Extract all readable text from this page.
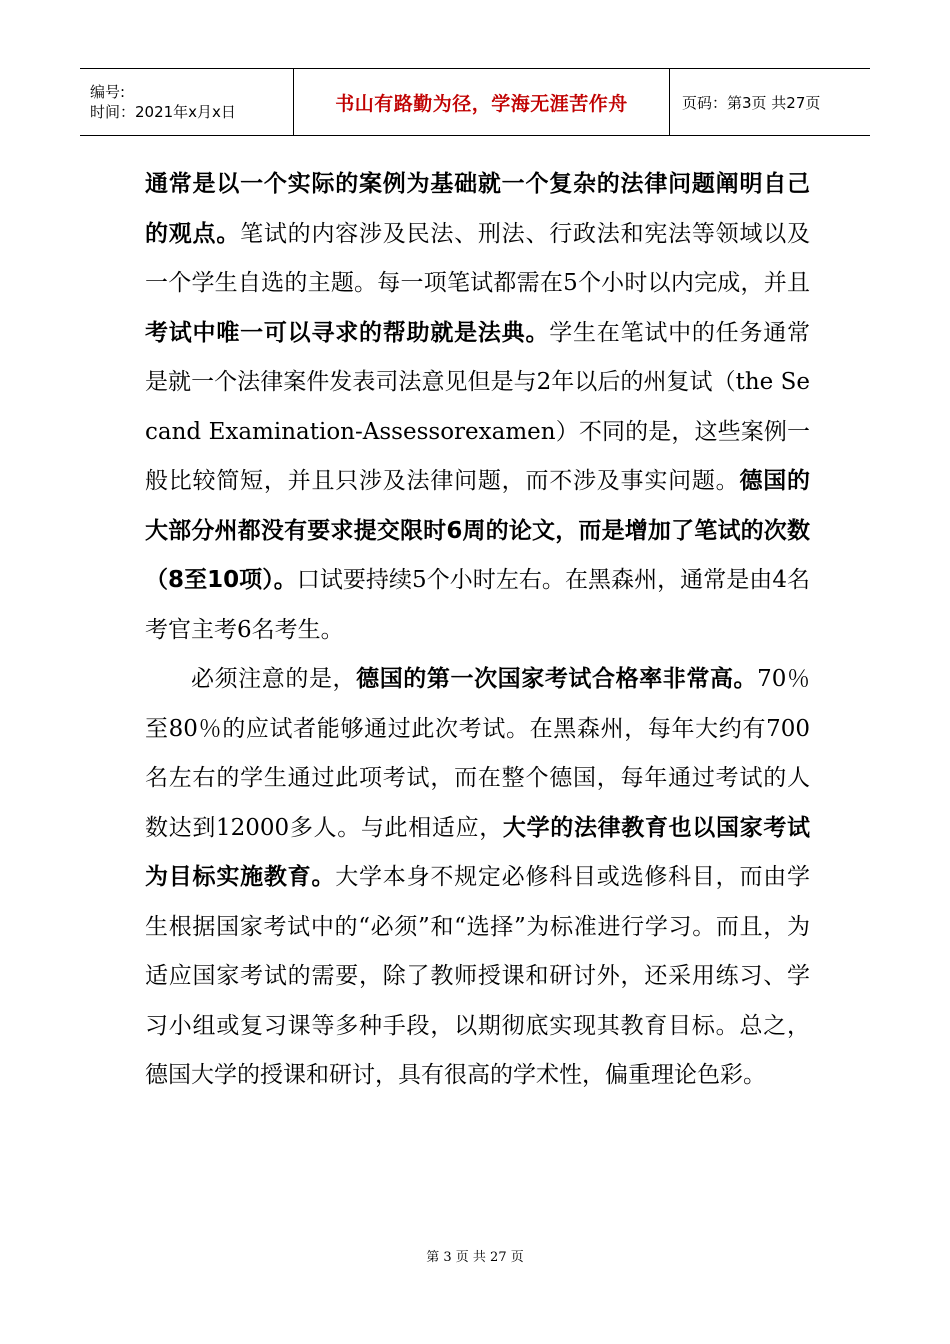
编号:
时间：2021年x月x日	书山有路勤为径，学海无涯苦作舟	页码：第3页 共27页

通常是以一个实际的案例为基础就一个复杂的法律问题阐明自己的观点。笔试的内容涉及民法、刑法、行政法和宪法等领域以及一个学生自选的主题。每一项笔试都需在5个小时以内完成，并且考试中唯一可以寻求的帮助就是法典。学生在笔试中的任务通常是就一个法律案件发表司法意见但是与2年以后的州复试（the Secand Examination-Assessorexamen）不同的是，这些案例一般比较简短，并且只涉及法律问题，而不涉及事实问题。德国的大部分州都没有要求提交限时6周的论文，而是增加了笔试的次数（8至10项）。口试要持续5个小时左右。在黑森州，通常是由4名考官主考6名考生。

必须注意的是，德国的第一次国家考试合格率非常高。70％至80％的应试者能够通过此次考试。在黑森州，每年大约有700名左右的学生通过此项考试，而在整个德国，每年通过考试的人数达到12000多人。与此相适应，大学的法律教育也以国家考试为目标实施教育。大学本身不规定必修科目或选修科目，而由学生根据国家考试中的“必须”和“选择”为标准进行学习。而且，为适应国家考试的需要，除了教师授课和研讨外，还采用练习、学习小组或复习课等多种手段，以期彻底实现其教育目标。总之，德国大学的授课和研讨，具有很高的学术性，偏重理论色彩。

第 3 页 共 27 页
